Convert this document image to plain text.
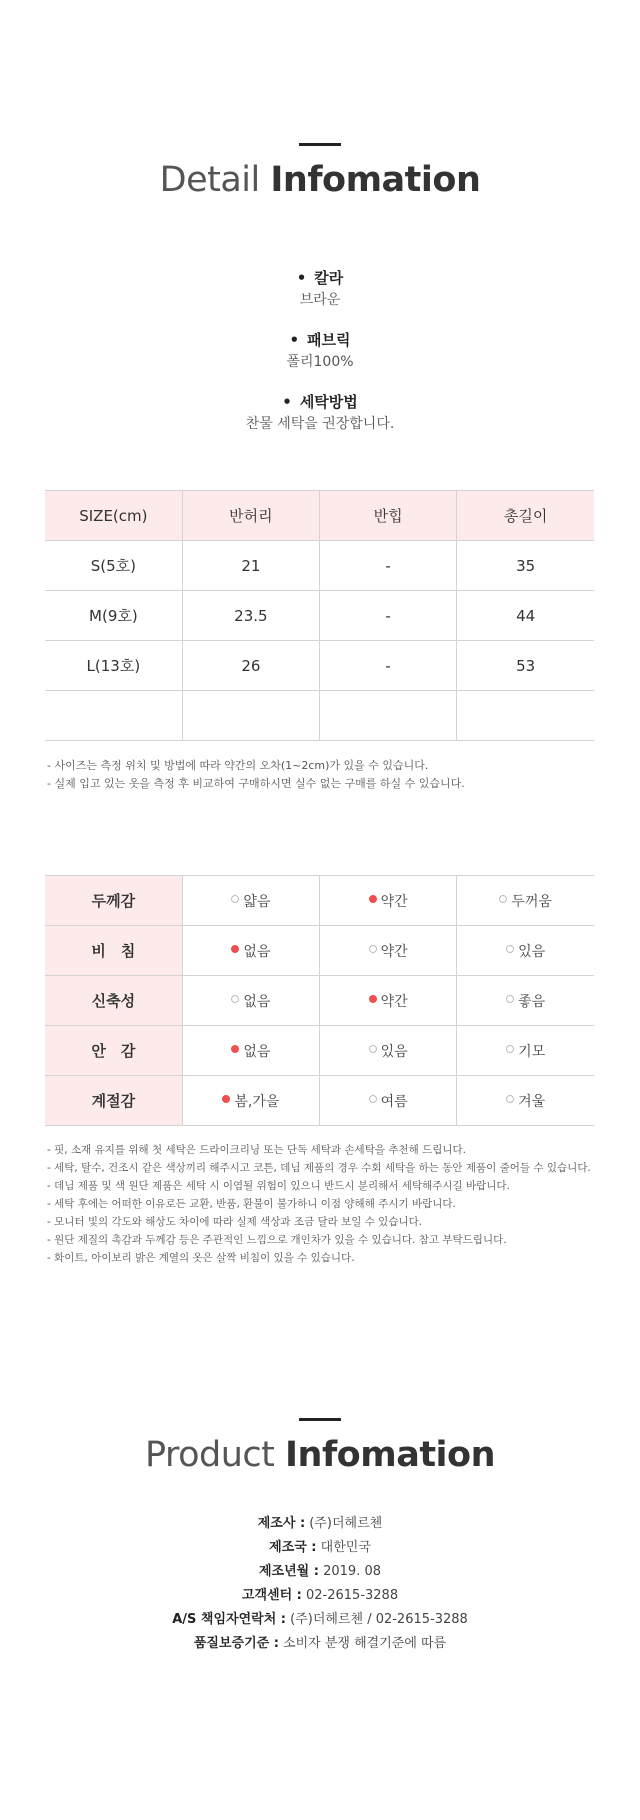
Detail Infomation
• 칼라
브라운
• 패브릭
폴리100%
• 세탁방법
찬물 세탁을 권장합니다.
SIZE(cm)	반허리	반힙	총길이
S(5호)	21	-	35
M(9호)	23.5	-	44
L(13호)	26	-	53

- 사이즈는 측정 위치 및 방법에 따라 약간의 오차(1~2cm)가 있을 수 있습니다.
- 실제 입고 있는 옷을 측정 후 비교하여 구매하시면 실수 없는 구매를 하실 수 있습니다.
두께감	얇음	약간	두꺼움
비　침	없음	약간	있음
신축성	없음	약간	좋음
안　감	없음	있음	기모
계절감	봄,가을	여름	겨울
- 핏, 소재 유지를 위해 첫 세탁은 드라이크리닝 또는 단독 세탁과 손세탁을 추천해 드립니다.
- 세탁, 탈수, 건조시 같은 색상끼리 해주시고 코튼, 데님 제품의 경우 수회 세탁을 하는 동안 제품이 줄어들 수 있습니다.
- 데님 제품 및 색 원단 제품은 세탁 시 이염될 위험이 있으니 반드시 분리해서 세탁해주시길 바랍니다.
- 세탁 후에는 어떠한 이유로든 교환, 반품, 환불이 불가하니 이점 양해해 주시기 바랍니다.
- 모니터 빛의 각도와 해상도 차이에 따라 실제 색상과 조금 달라 보일 수 있습니다.
- 원단 제질의 촉감과 두께감 등은 주관적인 느낌으로 개인차가 있을 수 있습니다. 참고 부탁드립니다.
- 화이트, 아이보리 밝은 계열의 옷은 살짝 비침이 있을 수 있습니다.
Product Infomation
제조사 : (주)더헤르첸
제조국 : 대한민국
제조년월 : 2019. 08
고객센터 : 02-2615-3288
A/S 책임자연락처 : (주)더헤르첸 / 02-2615-3288
품질보증기준 : 소비자 분쟁 해결기준에 따름
